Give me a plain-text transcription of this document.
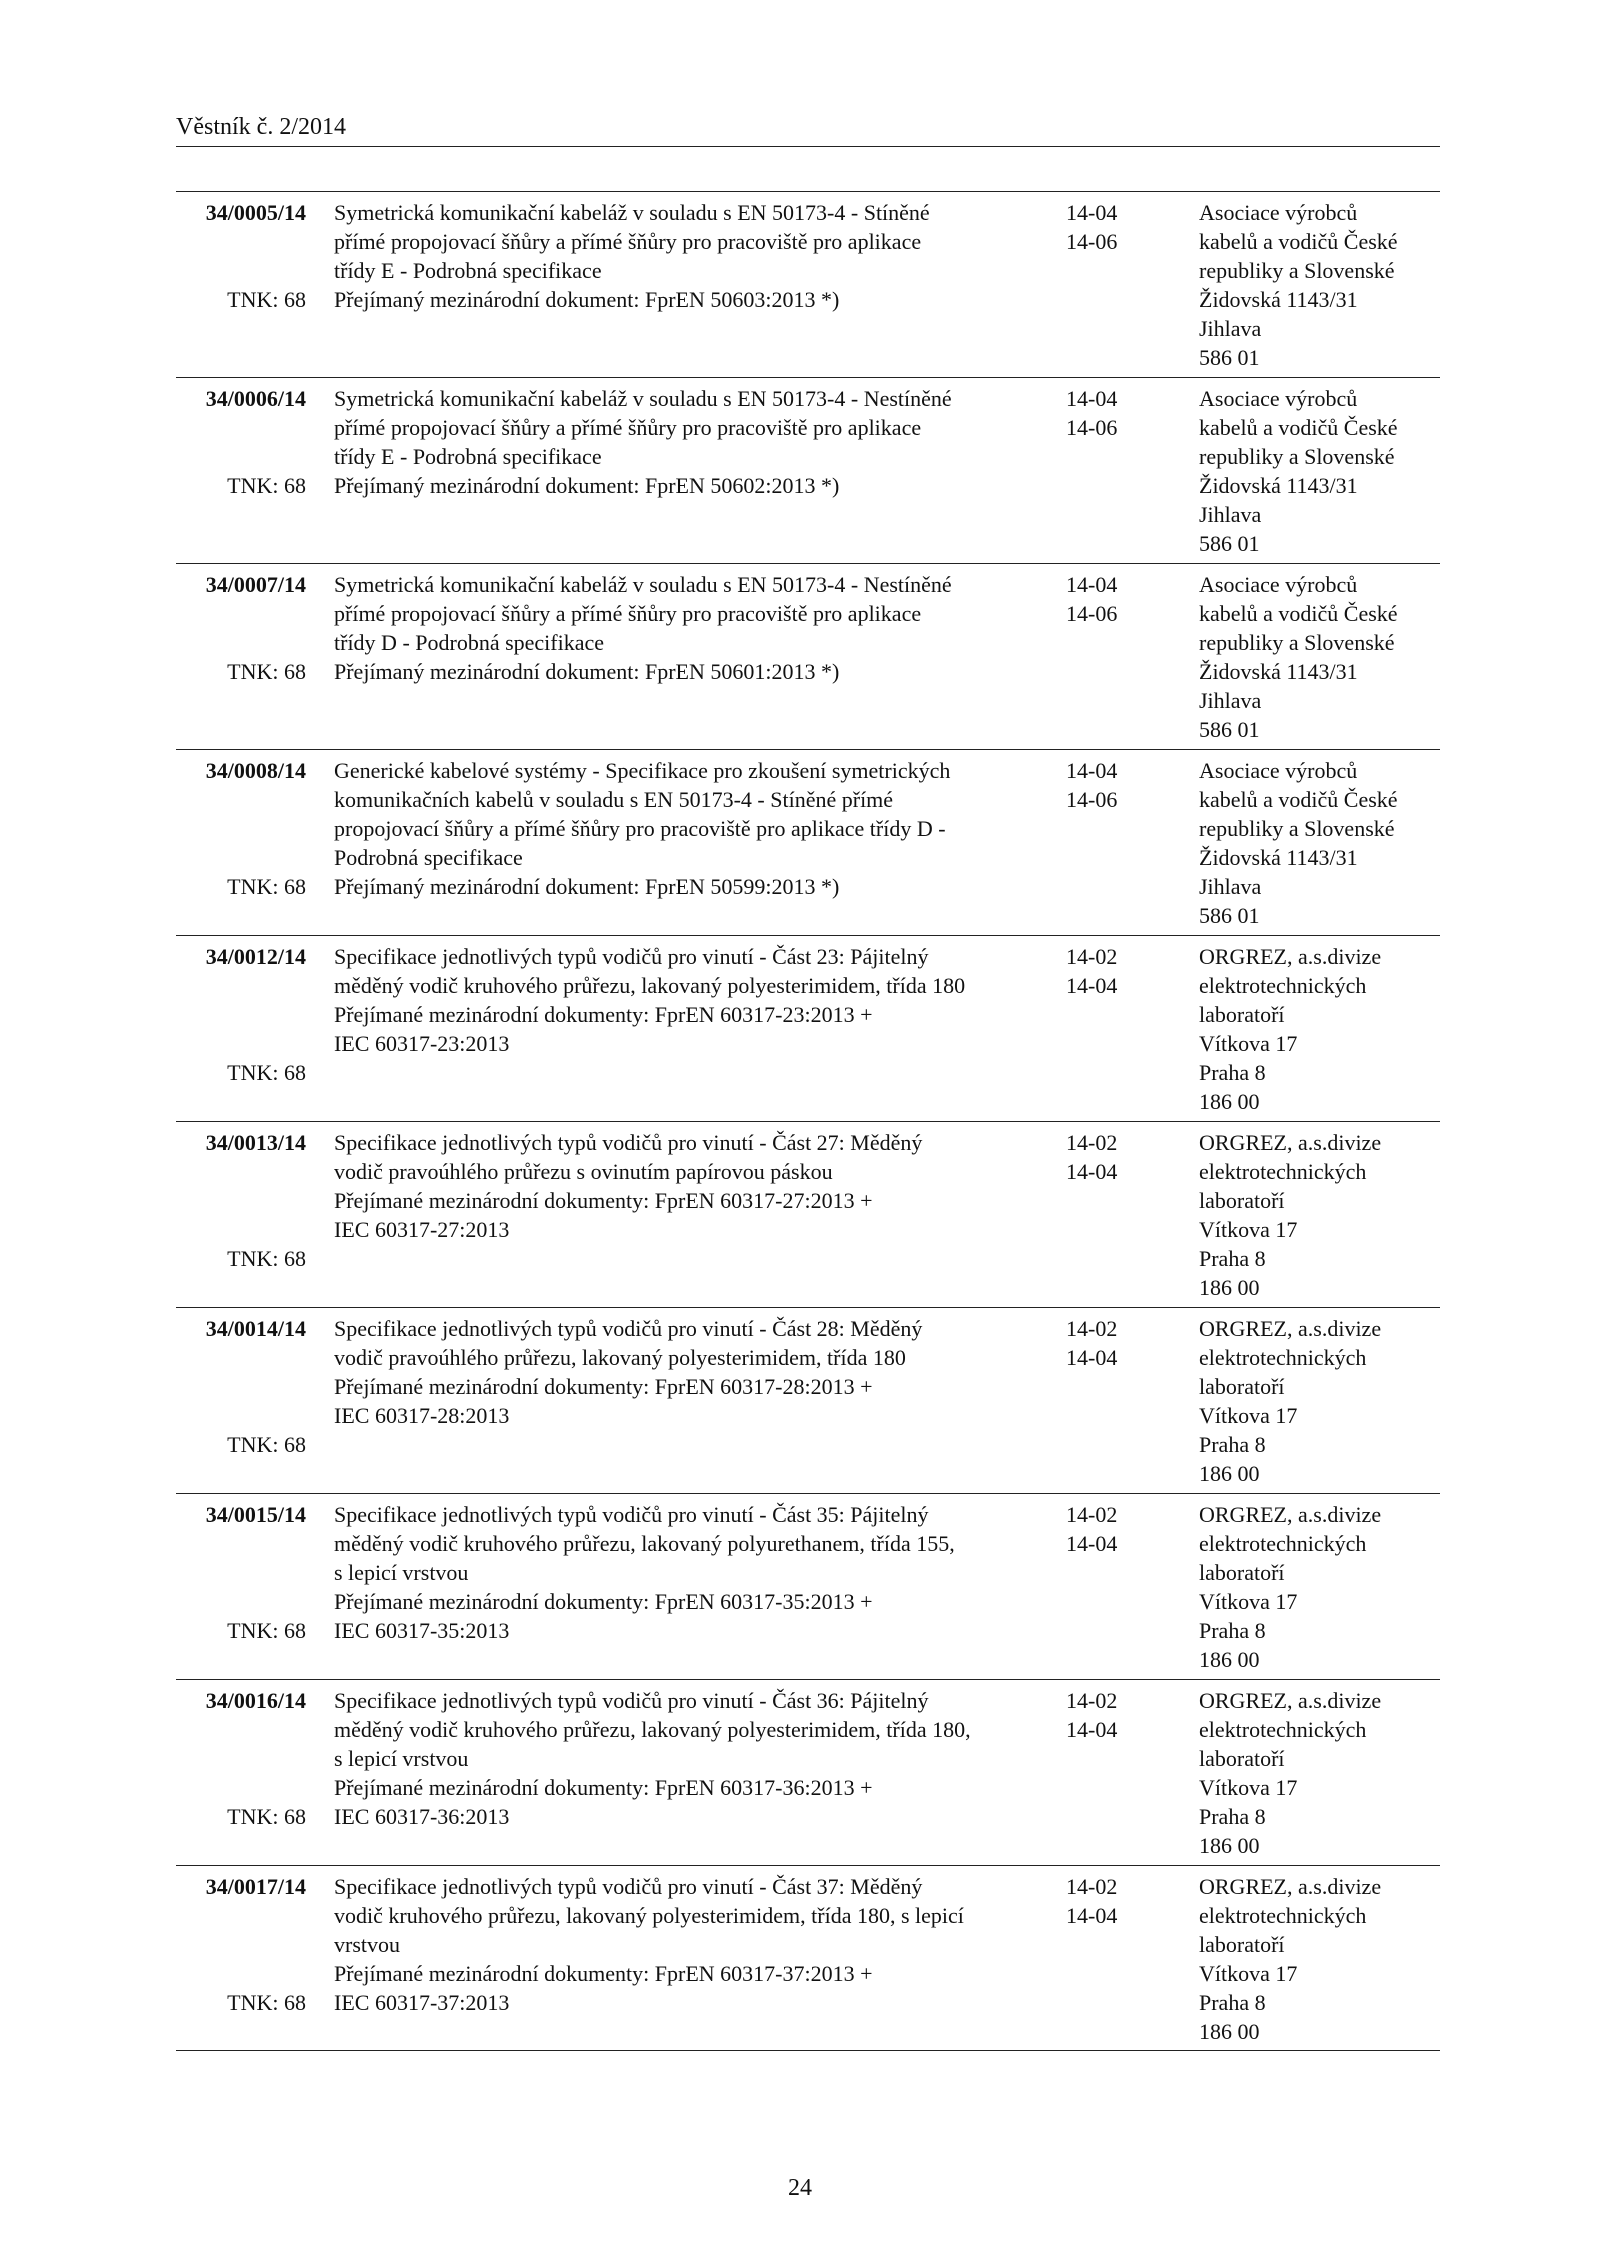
Věstník č. 2/2014
34/0005/14
TNK: 68
Symetrická komunikační kabeláž v souladu s EN 50173-4 - Stíněné
přímé propojovací šňůry a přímé šňůry pro pracoviště pro aplikace
třídy E - Podrobná specifikace
Přejímaný mezinárodní dokument: FprEN 50603:2013 *)
14-04
14-06
Asociace výrobců
kabelů a vodičů České
republiky a Slovenské
Židovská 1143/31
Jihlava
586 01
34/0006/14
TNK: 68
Symetrická komunikační kabeláž v souladu s EN 50173-4 - Nestíněné
přímé propojovací šňůry a přímé šňůry pro pracoviště pro aplikace
třídy E - Podrobná specifikace
Přejímaný mezinárodní dokument: FprEN 50602:2013 *)
14-04
14-06
Asociace výrobců
kabelů a vodičů České
republiky a Slovenské
Židovská 1143/31
Jihlava
586 01
34/0007/14
TNK: 68
Symetrická komunikační kabeláž v souladu s EN 50173-4 - Nestíněné
přímé propojovací šňůry a přímé šňůry pro pracoviště pro aplikace
třídy D - Podrobná specifikace
Přejímaný mezinárodní dokument: FprEN 50601:2013 *)
14-04
14-06
Asociace výrobců
kabelů a vodičů České
republiky a Slovenské
Židovská 1143/31
Jihlava
586 01
34/0008/14
TNK: 68
Generické kabelové systémy - Specifikace pro zkoušení symetrických
komunikačních kabelů v souladu s EN 50173-4 - Stíněné přímé
propojovací šňůry a přímé šňůry pro pracoviště pro aplikace třídy D -
Podrobná specifikace
Přejímaný mezinárodní dokument: FprEN 50599:2013 *)
14-04
14-06
Asociace výrobců
kabelů a vodičů České
republiky a Slovenské
Židovská 1143/31
Jihlava
586 01
34/0012/14
TNK: 68
Specifikace jednotlivých typů vodičů pro vinutí - Část 23: Pájitelný
měděný vodič kruhového průřezu, lakovaný polyesterimidem, třída 180
Přejímané mezinárodní dokumenty: FprEN 60317-23:2013 +
IEC 60317-23:2013
14-02
14-04
ORGREZ, a.s.divize
elektrotechnických
laboratoří
Vítkova 17
Praha 8
186 00
34/0013/14
TNK: 68
Specifikace jednotlivých typů vodičů pro vinutí - Část 27: Měděný
vodič pravoúhlého průřezu s ovinutím papírovou páskou
Přejímané mezinárodní dokumenty: FprEN 60317-27:2013 +
IEC 60317-27:2013
14-02
14-04
ORGREZ, a.s.divize
elektrotechnických
laboratoří
Vítkova 17
Praha 8
186 00
34/0014/14
TNK: 68
Specifikace jednotlivých typů vodičů pro vinutí - Část 28: Měděný
vodič pravoúhlého průřezu, lakovaný polyesterimidem, třída 180
Přejímané mezinárodní dokumenty: FprEN 60317-28:2013 +
IEC 60317-28:2013
14-02
14-04
ORGREZ, a.s.divize
elektrotechnických
laboratoří
Vítkova 17
Praha 8
186 00
34/0015/14
TNK: 68
Specifikace jednotlivých typů vodičů pro vinutí - Část 35: Pájitelný
měděný vodič kruhového průřezu, lakovaný polyurethanem, třída 155,
s lepicí vrstvou
Přejímané mezinárodní dokumenty: FprEN 60317-35:2013 +
IEC 60317-35:2013
14-02
14-04
ORGREZ, a.s.divize
elektrotechnických
laboratoří
Vítkova 17
Praha 8
186 00
34/0016/14
TNK: 68
Specifikace jednotlivých typů vodičů pro vinutí - Část 36: Pájitelný
měděný vodič kruhového průřezu, lakovaný polyesterimidem, třída 180,
s lepicí vrstvou
Přejímané mezinárodní dokumenty: FprEN 60317-36:2013 +
IEC 60317-36:2013
14-02
14-04
ORGREZ, a.s.divize
elektrotechnických
laboratoří
Vítkova 17
Praha 8
186 00
34/0017/14
TNK: 68
Specifikace jednotlivých typů vodičů pro vinutí - Část 37: Měděný
vodič kruhového průřezu, lakovaný polyesterimidem, třída 180, s lepicí
vrstvou
Přejímané mezinárodní dokumenty: FprEN 60317-37:2013 +
IEC 60317-37:2013
14-02
14-04
ORGREZ, a.s.divize
elektrotechnických
laboratoří
Vítkova 17
Praha 8
186 00
24
